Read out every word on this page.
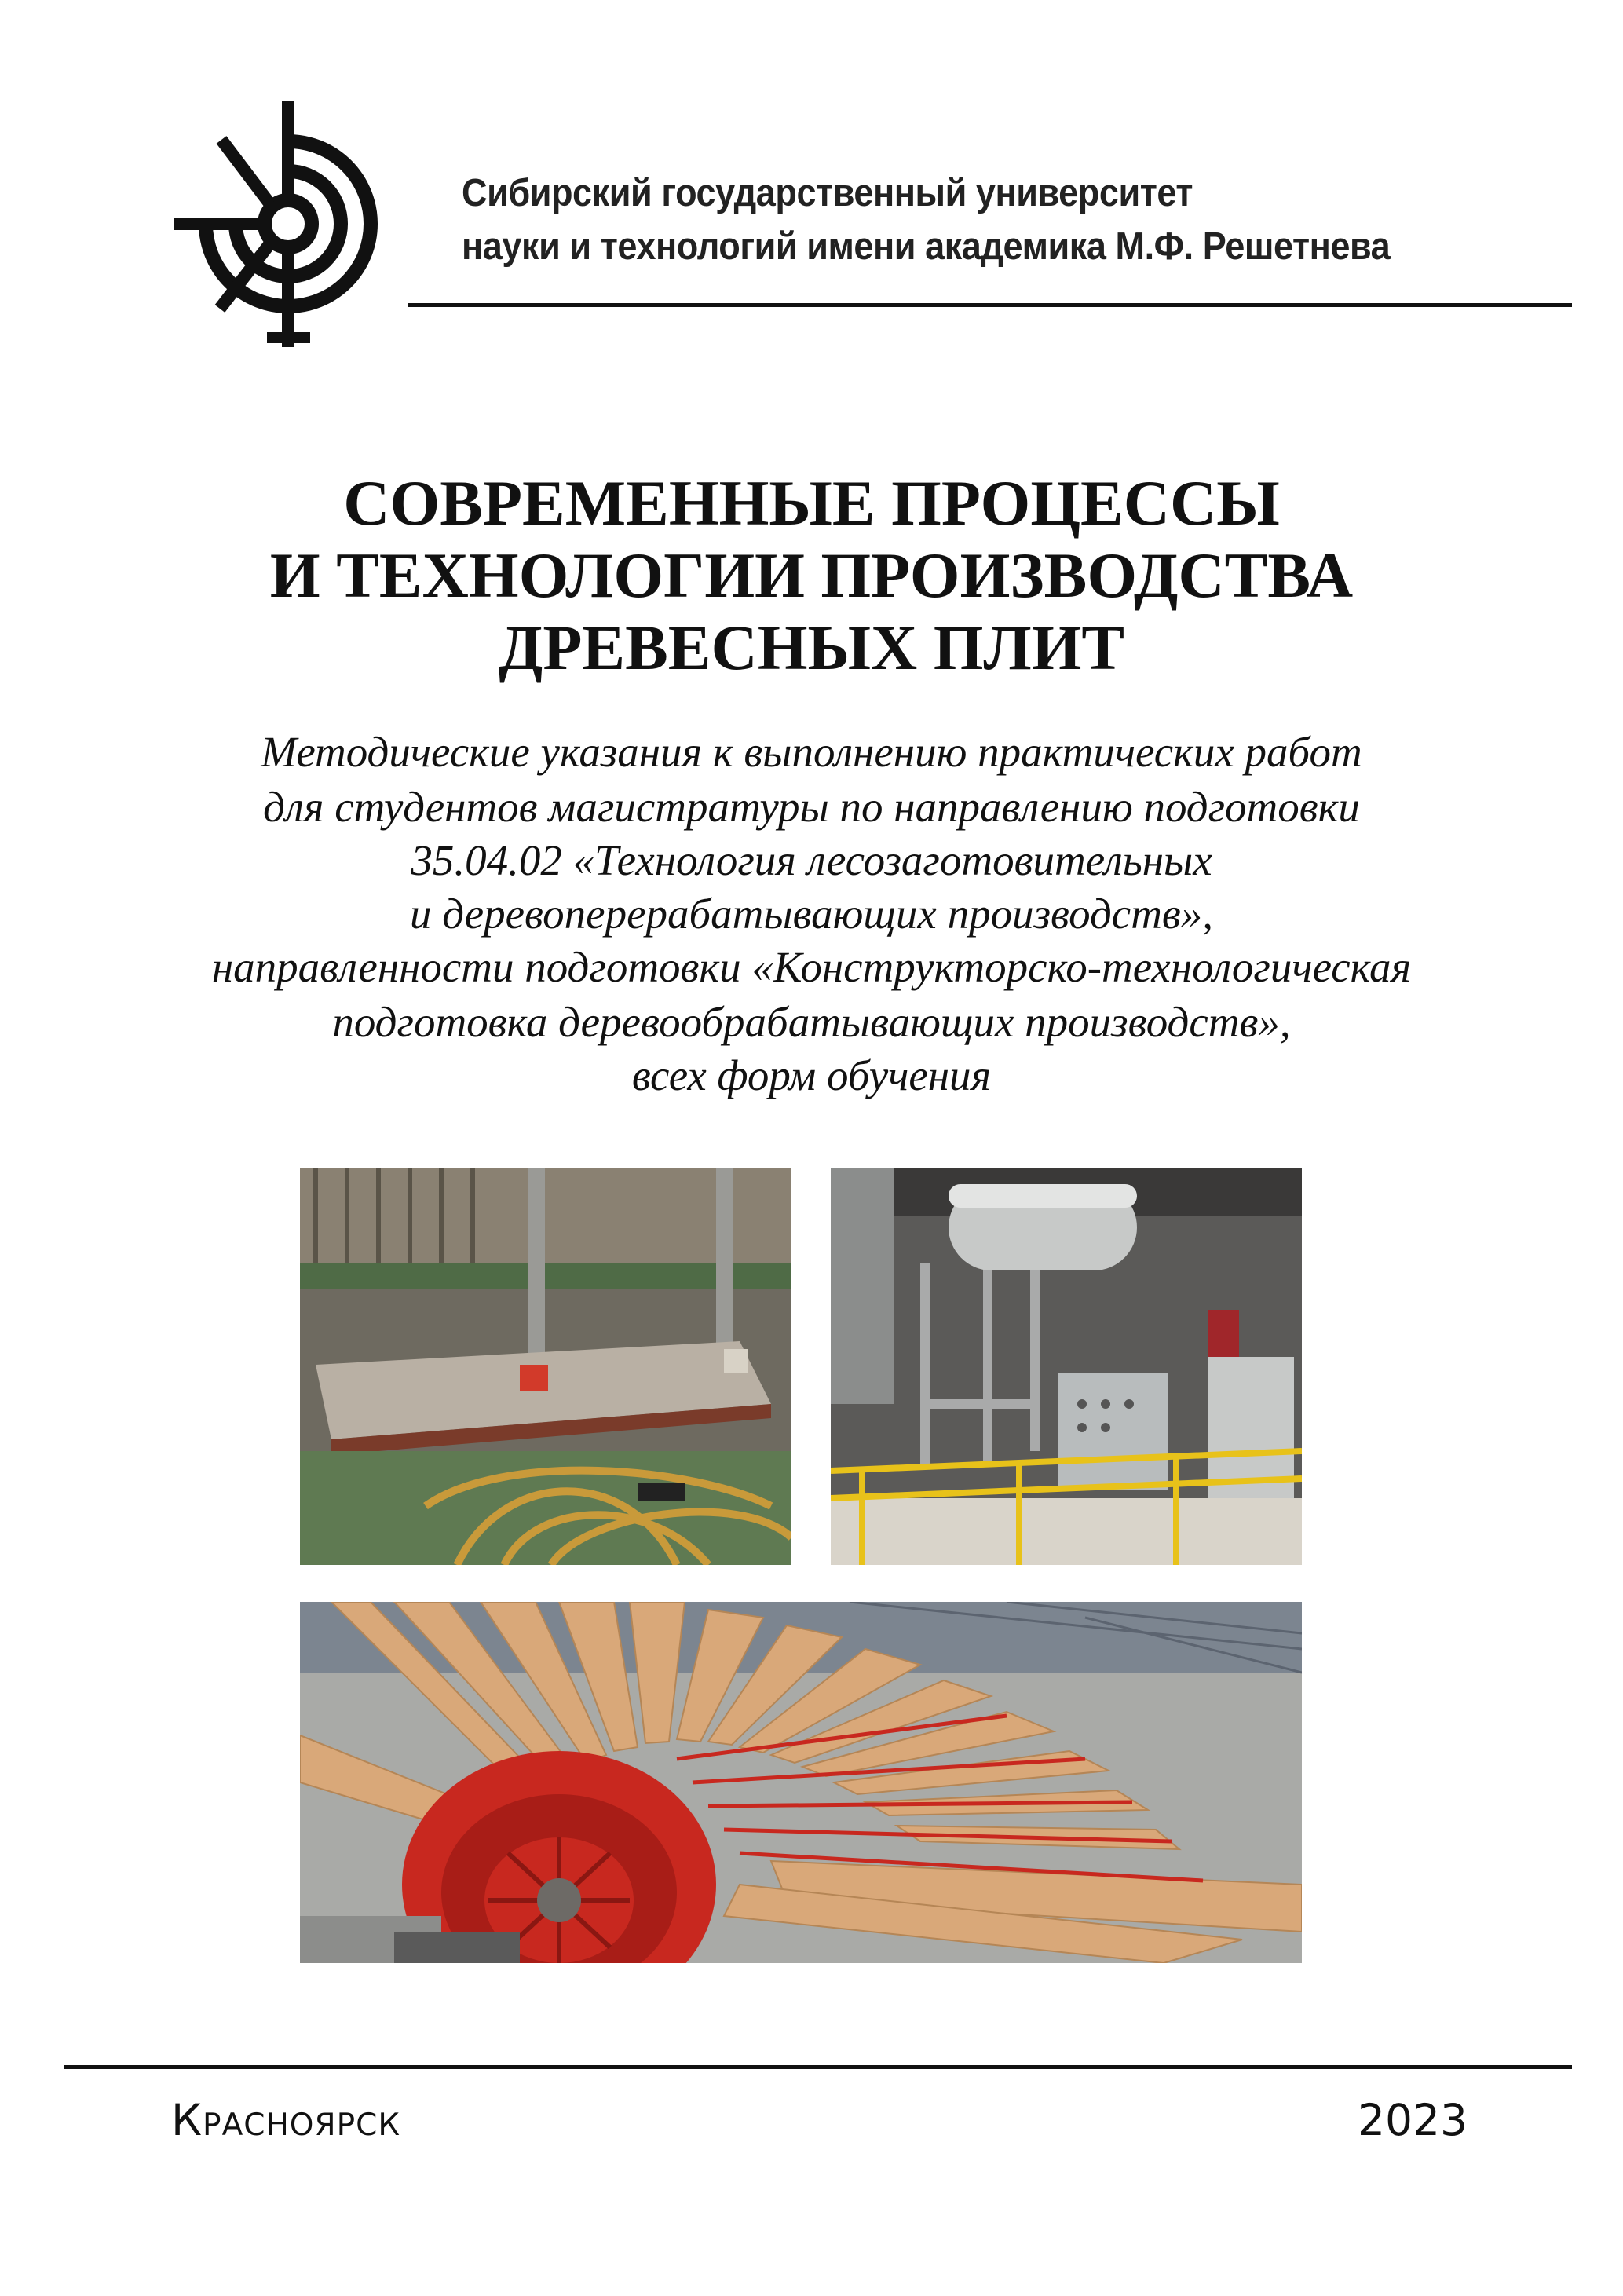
Сибирский государственный университет
науки и технологий имени академика М.Ф. Решетнева
СОВРЕМЕННЫЕ ПРОЦЕССЫ
И ТЕХНОЛОГИИ ПРОИЗВОДСТВА
ДРЕВЕСНЫХ ПЛИТ
Методические указания к выполнению практических работ
для студентов магистратуры по направлению подготовки
35.04.02 «Технология лесозаготовительных
и деревоперерабатывающих производств»,
направленности подготовки «Конструкторско-технологическая
подготовка деревообрабатывающих производств»,
всех форм обучения
Красноярск	2023
